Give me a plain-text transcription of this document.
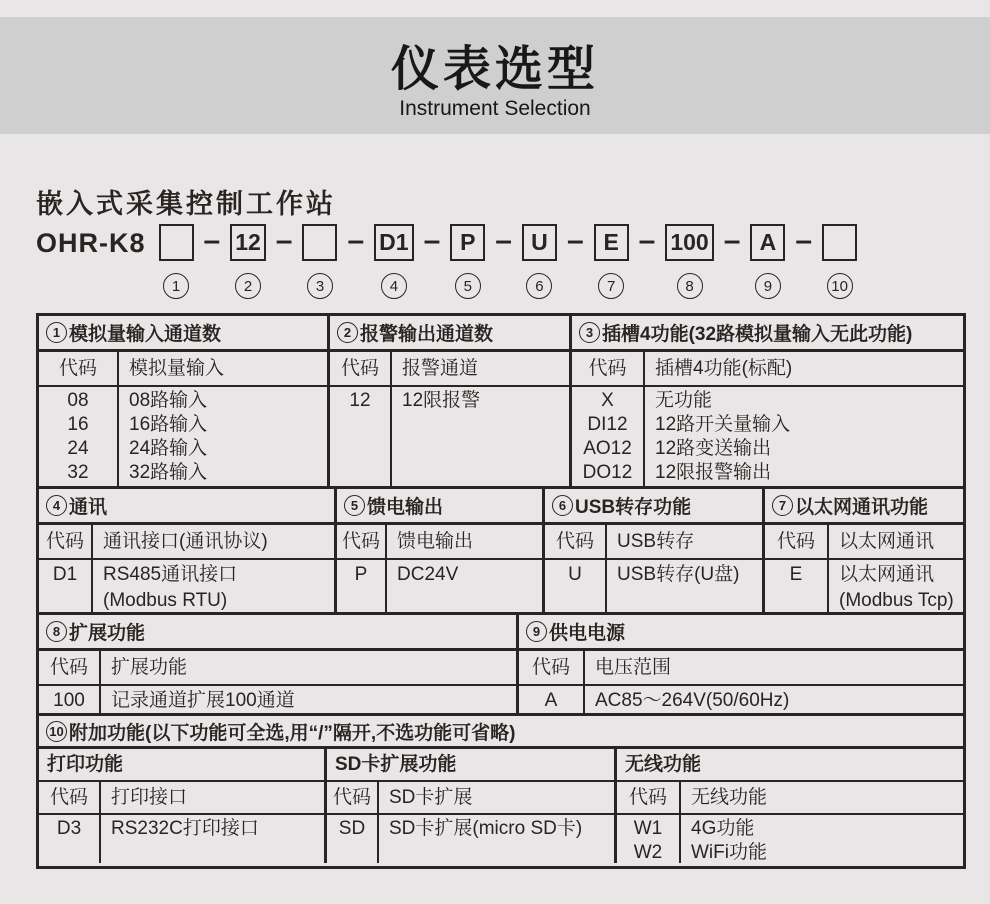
仪表选型
Instrument Selection
嵌入式采集控制工作站
OHR-K8
1
– 12
2
–
3
– D1
4
– P
5
– U
6
– E
7
– 100
8
– A
9
–
10
1 模拟量输入通道数
代码
08
16
24
32
模拟量输入
08路输入
16路输入
24路输入
32路输入
2 报警输出通道数
代码
12
报警通道
12限报警
3 插槽4功能(32路模拟量输入无此功能)
代码
X
DI12
AO12
DO12
插槽4功能(标配)
无功能
12路开关量输入
12路变送输出
12限报警输出
4 通讯
代码
D1
通讯接口(通讯协议)
RS485通讯接口
(Modbus RTU)
5 馈电输出
代码
P
馈电输出
DC24V
6 USB转存功能
代码
U
USB转存
USB转存(U盘)
7 以太网通讯功能
代码
E
以太网通讯
以太网通讯
(Modbus Tcp)
8 扩展功能
代码
100
扩展功能
记录通道扩展100通道
9 供电电源
代码
A
电压范围
AC85～264V(50/60Hz)
10 附加功能(以下功能可全选,用“/”隔开,不选功能可省略)
打印功能
代码
D3
打印接口
RS232C打印接口
SD卡扩展功能
代码
SD
SD卡扩展
SD卡扩展(micro SD卡)
无线功能
代码
W1
W2
无线功能
4G功能
WiFi功能
